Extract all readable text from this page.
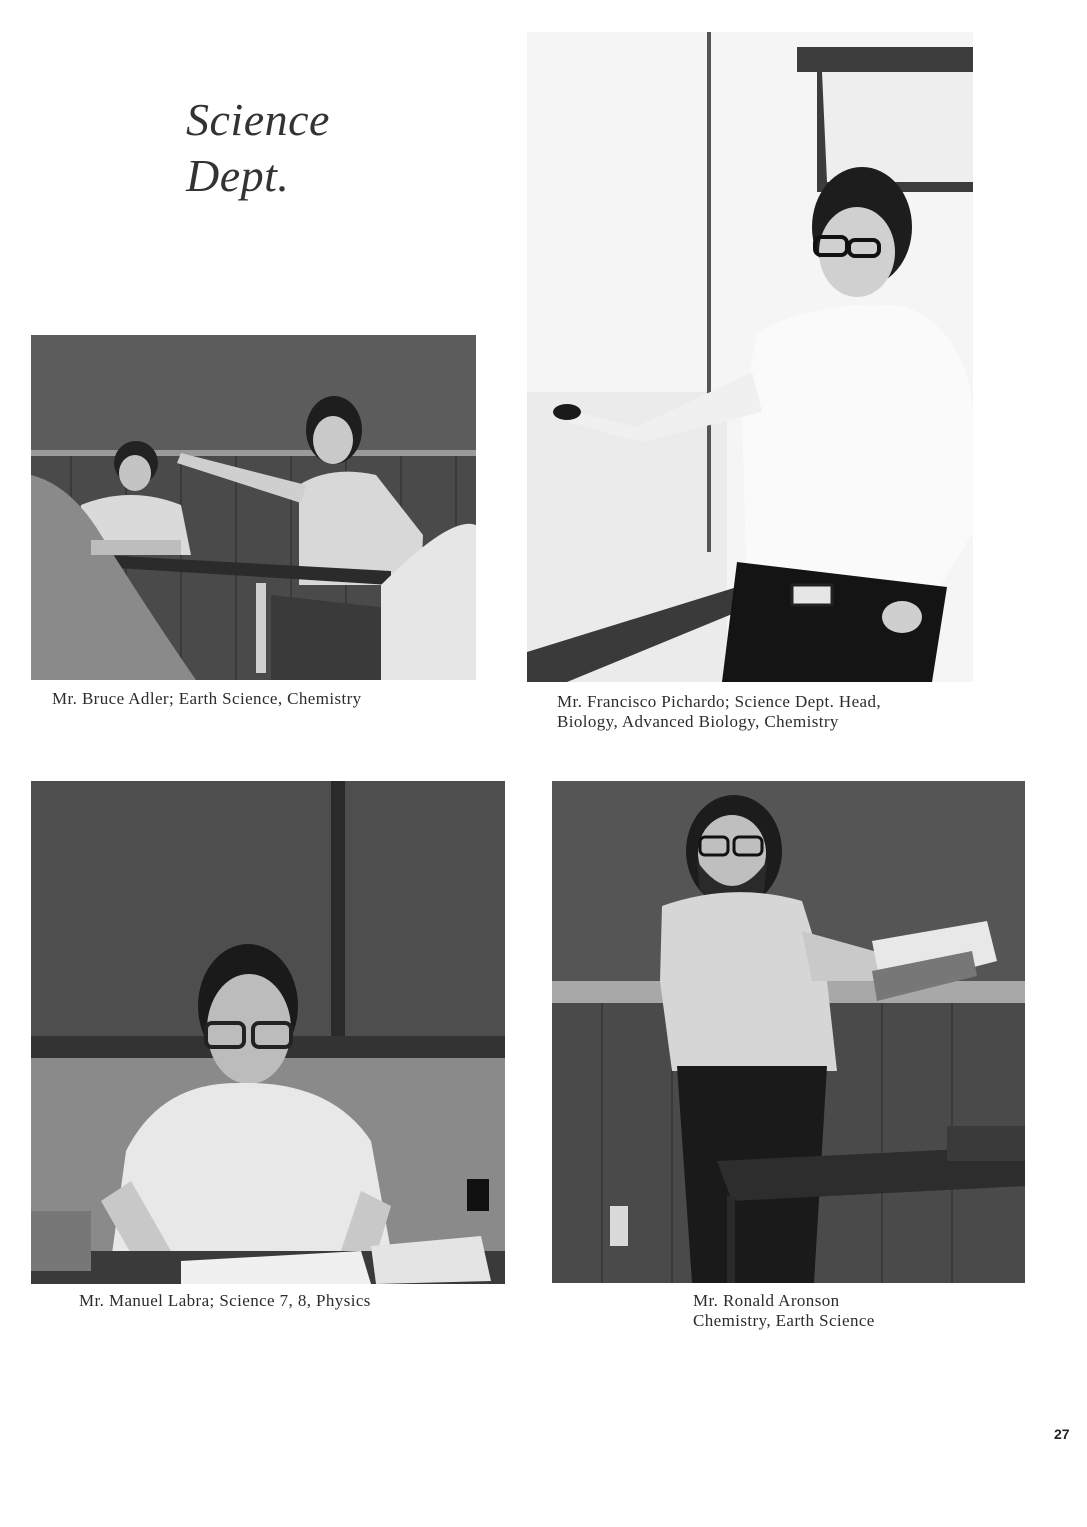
Science
Dept.
Mr. Bruce Adler; Earth Science, Chemistry	Mr. Francisco Pichardo; Science Dept. Head,
Biology, Advanced Biology, Chemistry
Mr. Manuel Labra; Science 7, 8, Physics	Mr. Ronald Aronson
Chemistry, Earth Science
27
